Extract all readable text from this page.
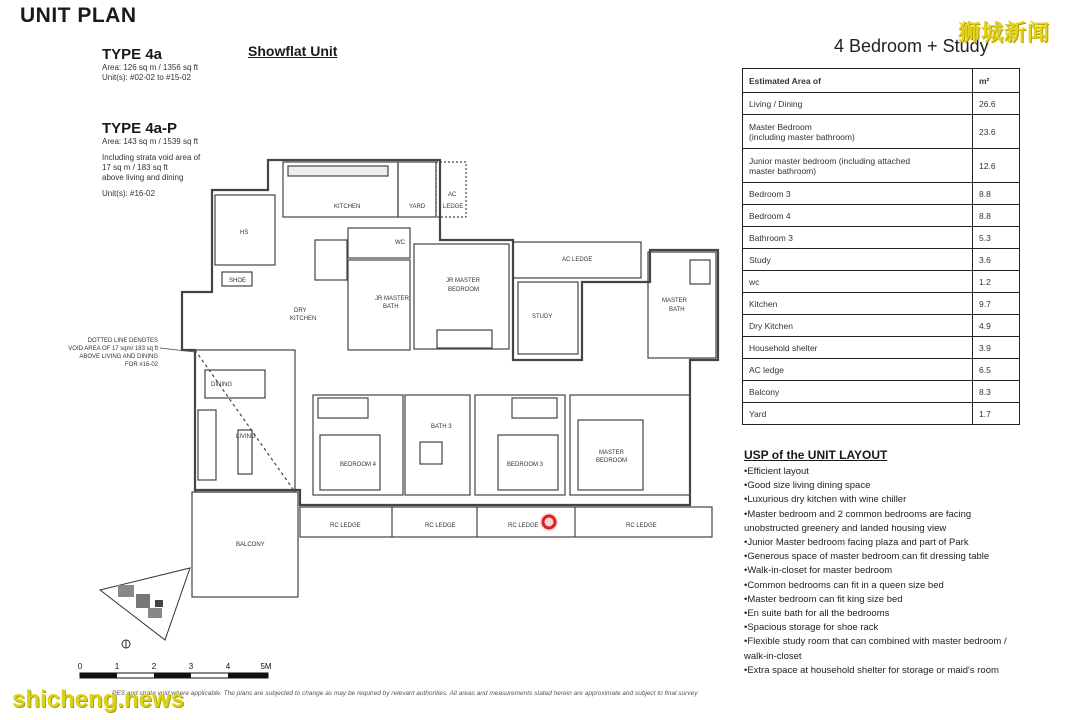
UNIT PLAN
Showflat Unit	4 Bedroom + Study
狮城新闻
TYPE 4a
Area: 126 sq m / 1356 sq ft
Unit(s): #02-02 to #15-02
TYPE 4a-P
Area: 143 sq m / 1539 sq ft
Including strata void area of
17 sq m / 183 sq ft
above living and dining
Unit(s): #16-02
KITCHEN	YARD
AC
LEDGE
HS
SHOE
WC
DRY
KITCHEN
JR MASTER
BATH
JR MASTER
BEDROOM
AC LEDGE
STUDY
MASTER
BATH
DINING
LIVING
BATH 3
BEDROOM 4	BEDROOM 3
MASTER
BEDROOM
BALCONY
RC LEDGE	RC LEDGE	RC LEDGE	RC LEDGE
DOTTED LINE DENOTES
VOID AREA OF 17 sqm/ 183 sq ft
ABOVE LIVING AND DINING
FOR #16-02
0	1	2	3	4	5M
Estimated Area of	m²
Living / Dining	26.6
Master Bedroom
(including master bathroom)	23.6
Junior master bedroom (including attached
master bathroom)	12.6
Bedroom 3	8.8
Bedroom 4	8.8
Bathroom 3	5.3
Study	3.6
wc	1.2
Kitchen	9.7
Dry Kitchen	4.9
Household shelter	3.9
AC ledge	6.5
Balcony	8.3
Yard	1.7
USP of the UNIT LAYOUT
•Efficient layout
•Good size living dining space
•Luxurious dry kitchen with wine chiller
•Master bedroom and 2 common bedrooms are facing
unobstructed greenery and landed housing view
•Junior Master bedroom facing plaza and part of Park
•Generous space of master bedroom can fit dressing table
•Walk-in-closet for master bedroom
•Common bedrooms can fit in a queen size bed
•Master bedroom can fit king size bed
•En suite bath for all the bedrooms
•Spacious storage for shoe rack
•Flexible study room that can combined with master bedroom /
walk-in-closet
•Extra space at household shelter for storage or maid's room
PES and strata void where applicable. The plans are subjected to change as may be required by relevant authorities. All areas and measurements stated herein are approximate and subject to final survey
shicheng.news
